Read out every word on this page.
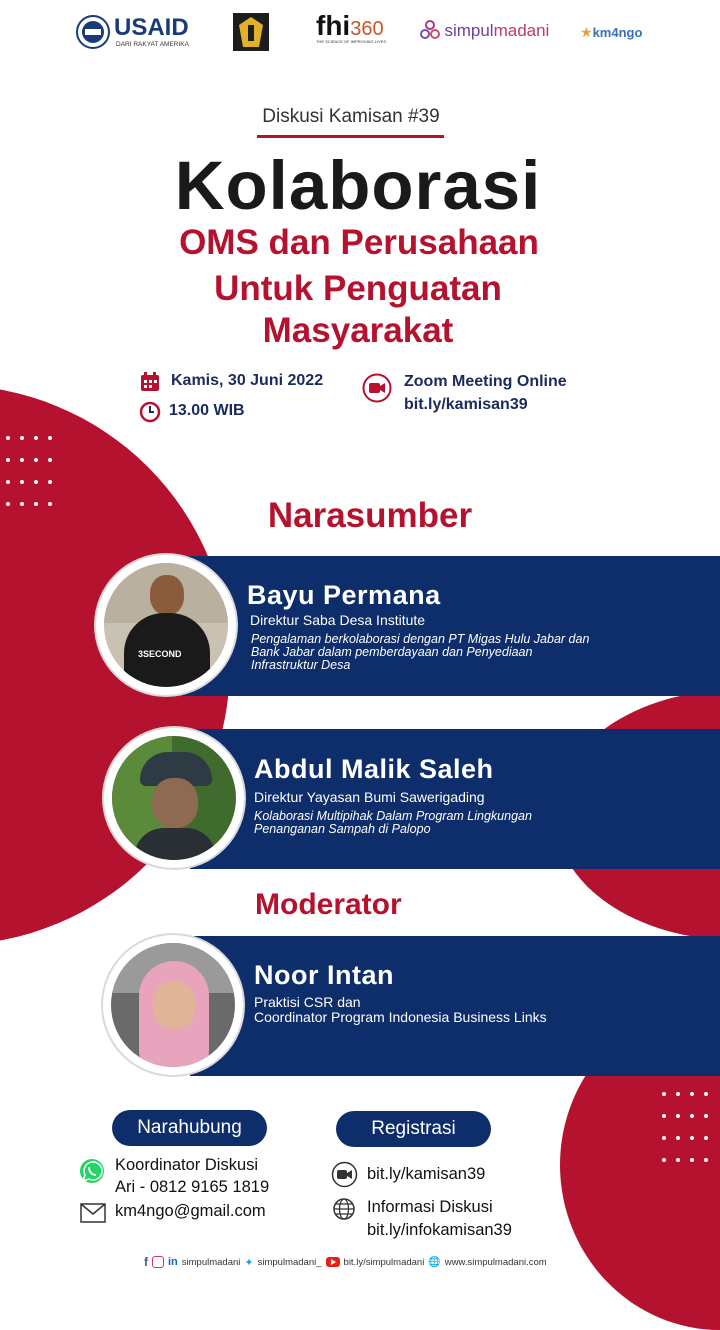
USAID
DARI RAKYAT AMERIKA
fhi360
THE SCIENCE OF IMPROVING LIVES
simpulmadani ★km4ngo
Diskusi Kamisan #39
Kolaborasi
OMS dan Perusahaan
Untuk Penguatan
Masyarakat
Kamis, 30 Juni 2022
13.00 WIB
Zoom Meeting Online
bit.ly/kamisan39
Narasumber
3SECOND
Bayu Permana
Direktur Saba Desa Institute
Pengalaman berkolaborasi dengan PT Migas Hulu Jabar dan
Bank Jabar dalam pemberdayaan dan Penyediaan
Infrastruktur Desa
Abdul Malik Saleh
Direktur Yayasan Bumi Sawerigading
Kolaborasi Multipihak Dalam Program Lingkungan
Penanganan Sampah di Palopo
Moderator
Noor Intan
Praktisi CSR dan
Coordinator Program Indonesia Business Links
Narahubung
Koordinator Diskusi
Ari - 0812 9165 1819
km4ngo@gmail.com
Registrasi
bit.ly/kamisan39
Informasi Diskusi
bit.ly/infokamisan39
f in simpulmadani ✦ simpulmadani_ bit.ly/simpulmadani 🌐 www.simpulmadani.com
